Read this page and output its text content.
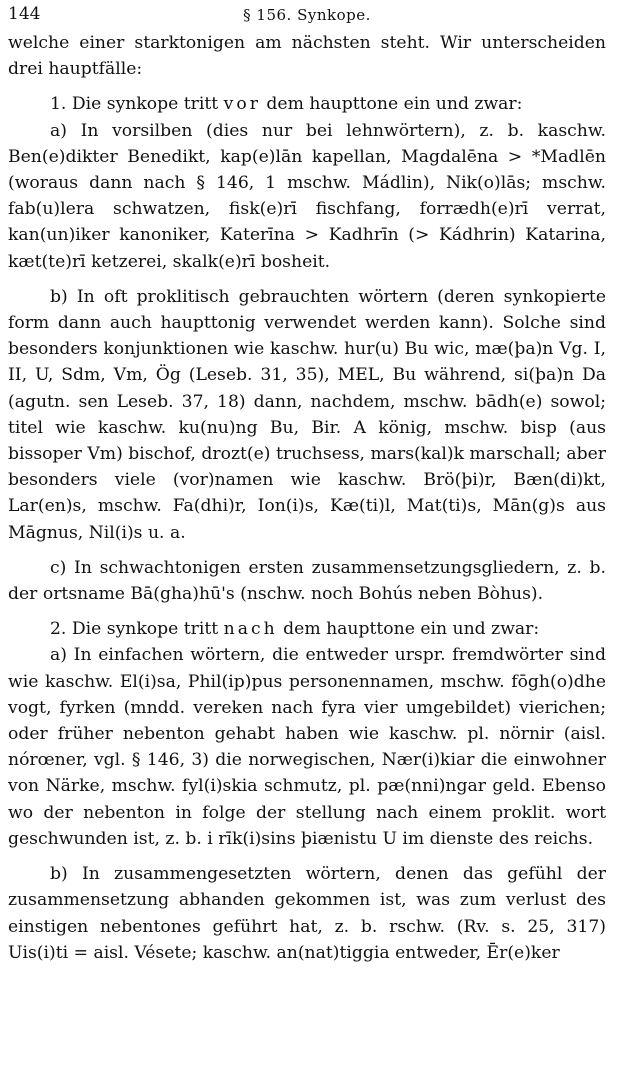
144	§ 156. Synkope.

welche einer starktonigen am nächsten steht. Wir unterscheiden drei hauptfälle:

1. Die synkope tritt vor dem haupttone ein und zwar:

a) In vorsilben (dies nur bei lehnwörtern), z. b. kaschw. Ben(e)dikter Benedikt, kap(e)lān kapellan, Magdalēna > *Madlēn (woraus dann nach § 146, 1 mschw. Mádlin), Nik(o)lās; mschw. fab(u)lera schwatzen, fisk(e)rī fischfang, forrædh(e)rī verrat, kan(un)iker kanoniker, Katerīna > Kadhrīn (> Kádhrin) Katarina, kæt(te)rī ketzerei, skalk(e)rī bosheit.

b) In oft proklitisch gebrauchten wörtern (deren synkopierte form dann auch haupttonig verwendet werden kann). Solche sind besonders konjunktionen wie kaschw. hur(u) Bu wic, mæ(þa)n Vg. I, II, U, Sdm, Vm, Ög (Leseb. 31, 35), MEL, Bu während, si(þa)n Da (agutn. sen Leseb. 37, 18) dann, nachdem, mschw. bādh(e) sowol; titel wie kaschw. ku(nu)ng Bu, Bir. A könig, mschw. bisp (aus bissoper Vm) bischof, drozt(e) truchsess, mars(kal)k marschall; aber besonders viele (vor)namen wie kaschw. Brö(þi)r, Bæn(di)kt, Lar(en)s, mschw. Fa(dhi)r, Ion(i)s, Kæ(ti)l, Mat(ti)s, Mān(g)s aus Māgnus, Nil(i)s u. a.

c) In schwachtonigen ersten zusammensetzungsgliedern, z. b. der ortsname Bā(gha)hū's (nschw. noch Bohús neben Bòhus).

2. Die synkope tritt nach dem haupttone ein und zwar:

a) In einfachen wörtern, die entweder urspr. fremdwörter sind wie kaschw. El(i)sa, Phil(ip)pus personennamen, mschw. fōgh(o)dhe vogt, fyrken (mndd. vereken nach fyra vier umgebildet) vierichen; oder früher nebenton gehabt haben wie kaschw. pl. nörnir (aisl. nórœner, vgl. § 146, 3) die norwegischen, Nær(i)kiar die einwohner von Närke, mschw. fyl(i)skia schmutz, pl. pæ(nni)ngar geld. Ebenso wo der nebenton in folge der stellung nach einem proklit. wort geschwunden ist, z. b. i rīk(i)sins þiænistu U im dienste des reichs.

b) In zusammengesetzten wörtern, denen das gefühl der zusammensetzung abhanden gekommen ist, was zum verlust des einstigen nebentones geführt hat, z. b. rschw. (Rv. s. 25, 317) Uis(i)ti = aisl. Vésete; kaschw. an(nat)tiggia entweder, Ēr(e)ker
